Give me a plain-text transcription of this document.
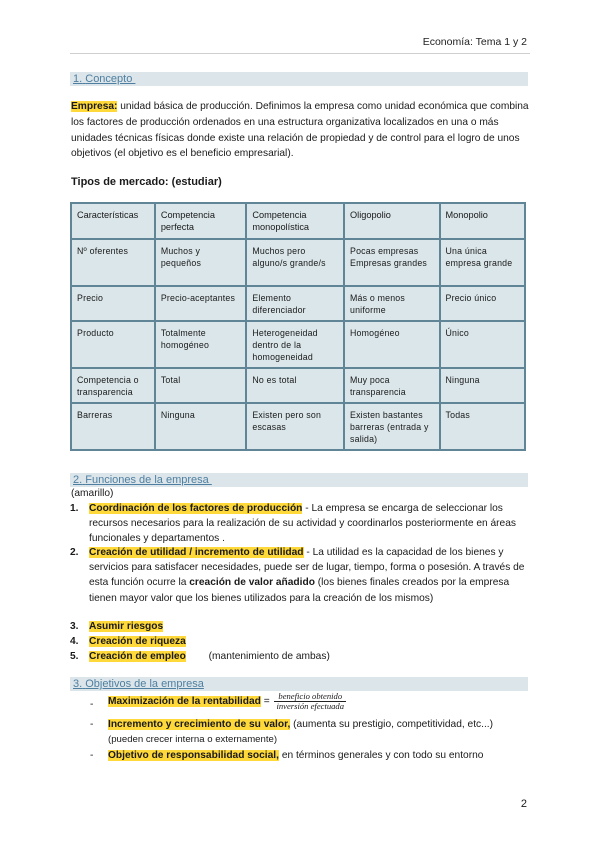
Economía: Tema 1 y 2
1. Concepto

Empresa: unidad básica de producción. Definimos la empresa como unidad económica que combina los factores de producción ordenados en una estructura organizativa localizados en una o más unidades técnicas físicas donde existe una relación de propiedad y de control para el logro de unos objetivos (el objetivo es el beneficio empresarial).

Tipos de mercado: (estudiar)
Características	Competencia perfecta	Competencia monopolística	Oligopolio	Monopolio
Nº oferentes	Muchos y pequeños	Muchos pero alguno/s grande/s	Pocas empresas Empresas grandes	Una única empresa grande
Precio	Precio-aceptantes	Elemento diferenciador	Más o menos uniforme	Precio único
Producto	Totalmente homogéneo	Heterogeneidad dentro de la homogeneidad	Homogéneo	Único
Competencia o transparencia	Total	No es total	Muy poca transparencia	Ninguna
Barreras	Ninguna	Existen pero son escasas	Existen bastantes barreras (entrada y salida)	Todas
2. Funciones de la empresa
(amarillo)
1. Coordinación de los factores de producción - La empresa se encarga de seleccionar los recursos necesarios para la realización de su actividad y coordinarlos posteriormente en áreas funcionales y departamentos .
2. Creación de utilidad / incremento de utilidad - La utilidad es la capacidad de los bienes y servicios para satisfacer necesidades, puede ser de lugar, tiempo, forma o posesión. A través de esta función ocurre la creación de valor añadido (los bienes finales creados por la empresa tienen mayor valor que los bienes utilizados para la creación de los mismos)
3. Asumir riesgos
4. Creación de riqueza
5. Creación de empleo (mantenimiento de ambas)
3. Objetivos de la empresa
- Maximización de la rentabilidad = $\frac{\text{beneficio obtenido}}{\text{inversión efectuada}}$
- Incremento y crecimiento de su valor, (aumenta su prestigio, competitividad, etc...)(pueden crecer interna o externamente)
- Objetivo de responsabilidad social, en términos generales y con todo su entorno
2
